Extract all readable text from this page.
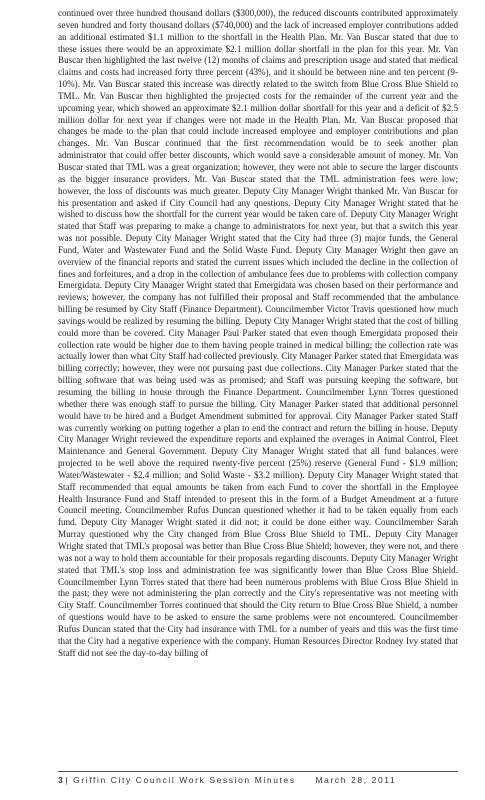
continued over three hundred thousand dollars ($300,000), the reduced discounts contributed approximately seven hundred and forty thousand dollars ($740,000) and the lack of increased employer contributions added an additional estimated $1.1 million to the shortfall in the Health Plan. Mr. Van Buscar stated that due to these issues there would be an approximate $2.1 million dollar shortfall in the plan for this year. Mr. Van Buscar then highlighted the last twelve (12) months of claims and prescription usage and stated that medical claims and costs had increased forty three percent (43%), and it should be between nine and ten percent (9-10%). Mr. Van Buscar stated this increase was directly related to the switch from Blue Cross Blue Shield to TML. Mr. Van Buscar then highlighted the projected costs for the remainder of the current year and the upcoming year, which showed an approximate $2.1 million dollar shortfall for this year and a deficit of $2.5 million dollar for next year if changes were not made in the Health Plan. Mr. Van Buscar proposed that changes be made to the plan that could include increased employee and employer contributions and plan changes. Mr. Van Buscar continued that the first recommendation would be to seek another plan administrator that could offer better discounts, which would save a considerable amount of money. Mr. Van Buscar stated that TML was a great organization; however, they were not able to secure the larger discounts as the bigger insurance providers. Mr. Van Buscar stated that the TML administration fees were low; however, the loss of discounts was much greater. Deputy City Manager Wright thanked Mr. Van Buscar for his presentation and asked if City Council had any questions. Deputy City Manager Wright stated that he wished to discuss how the shortfall for the current year would be taken care of. Deputy City Manager Wright stated that Staff was preparing to make a change to administrators for next year, but that a switch this year was not possible. Deputy City Manager Wright stated that the City had three (3) major funds, the General Fund, Water and Wastewater Fund and the Solid Waste Fund. Deputy City Manager Wright then gave an overview of the financial reports and stated the current issues which included the decline in the collection of fines and forfeitures, and a drop in the collection of ambulance fees due to problems with collection company Emergidata. Deputy City Manager Wright stated that Emergidata was chosen based on their performance and reviews; however, the company has not fulfilled their proposal and Staff recommended that the ambulance billing be resumed by City Staff (Finance Department). Councilmember Victor Travis questioned how much savings would be realized by resuming the billing. Deputy City Manager Wright stated that the cost of billing could more than be covered. City Manager Paul Parker stated that even though Emergidata proposed their collection rate would be higher due to them having people trained in medical billing; the collection rate was actually lower than what City Staff had collected previously. City Manager Parker stated that Emergidata was billing correctly; however, they were not pursuing past due collections. City Manager Parker stated that the billing software that was being used was as promised; and Staff was pursuing keeping the software, but resuming the billing in house through the Finance Department. Councilmember Lynn Torres questioned whether there was enough staff to pursue the billing. City Manager Parker stated that additional personnel would have to be hired and a Budget Amendment submitted for approval. City Manager Parker stated Staff was currently working on putting together a plan to end the contract and return the billing in house. Deputy City Manager Wright reviewed the expenditure reports and explained the overages in Animal Control, Fleet Maintenance and General Government. Deputy City Manager Wright stated that all fund balances were projected to be well above the required twenty-five percent (25%) reserve (General Fund - $1.9 million; Water/Wastewater - $2.4 million; and Solid Waste - $3.2 million). Deputy City Manager Wright stated that Staff recommended that equal amounts be taken from each Fund to cover the shortfall in the Employee Health Insurance Fund and Staff intended to present this in the form of a Budget Amendment at a future Council meeting. Councilmember Rufus Duncan questioned whether it had to be taken equally from each fund. Deputy City Manager Wright stated it did not; it could be done either way. Councilmember Sarah Murray questioned why the City changed from Blue Cross Blue Shield to TML. Deputy City Manager Wright stated that TML's proposal was better than Blue Cross Blue Shield; however, they were not, and there was not a way to hold them accountable for their proposals regarding discounts. Deputy City Manager Wright stated that TML's stop loss and administration fee was significantly lower than Blue Cross Blue Shield. Councilmember Lynn Torres stated that there had been numerous problems with Blue Cross Blue Shield in the past; they were not administering the plan correctly and the City's representative was not meeting with City Staff. Councilmember Torres continued that should the City return to Blue Cross Blue Shield, a number of questions would have to be asked to ensure the same problems were not encountered. Councilmember Rufus Duncan stated that the City had insurance with TML for a number of years and this was the first time that the City had a negative experience with the company. Human Resources Director Rodney Ivy stated that Staff did not see the day-to-day billing of

3| Griffin City Council Work Session Minutes     March 28, 2011
